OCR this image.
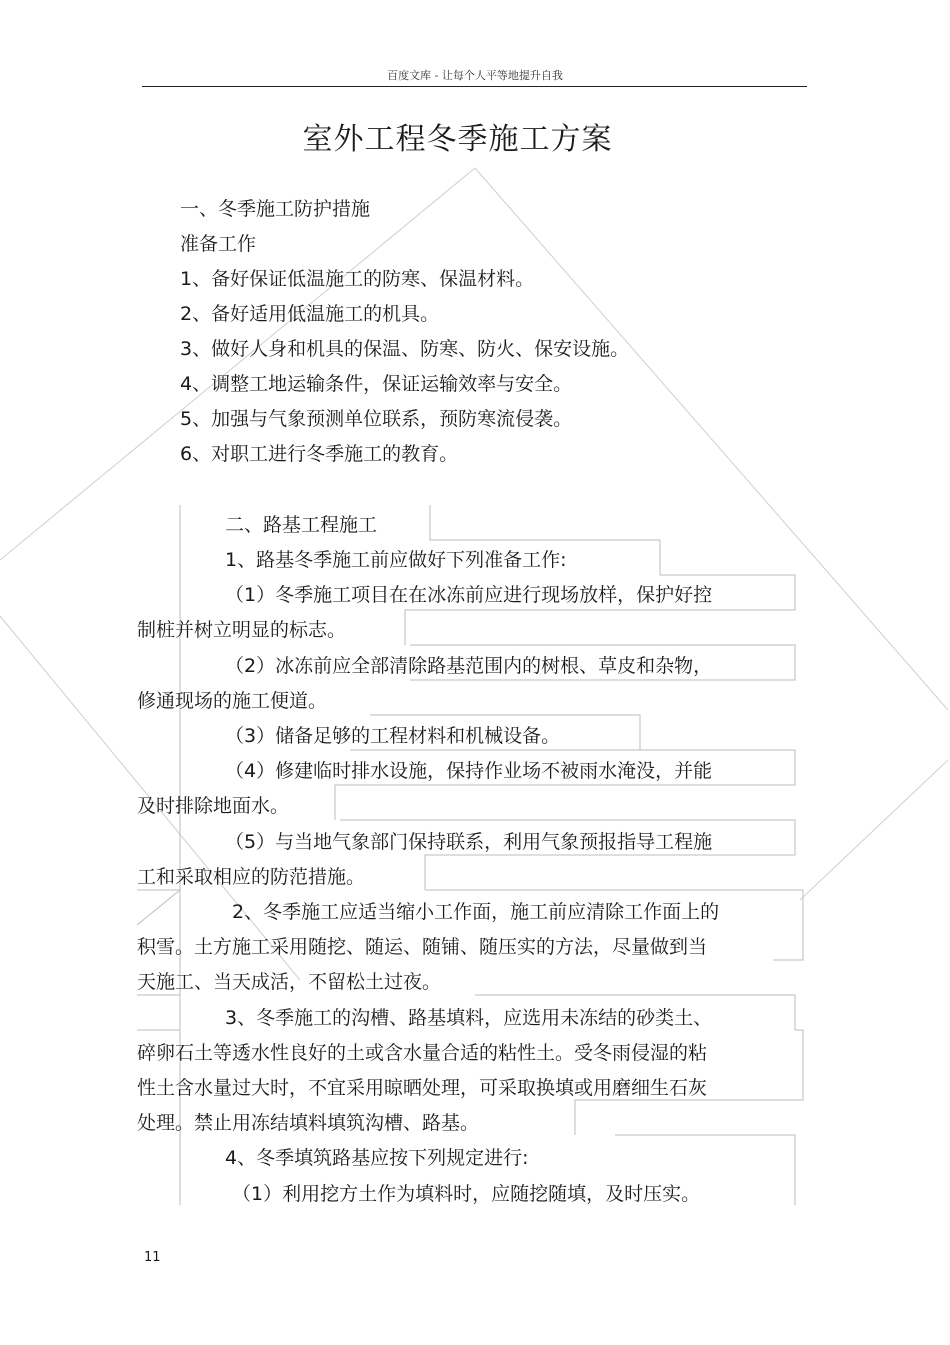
百度文库 - 让每个人平等地提升自我
室外工程冬季施工方案
一、冬季施工防护措施
准备工作
1、备好保证低温施工的防寒、保温材料。
2、备好适用低温施工的机具。
3、做好人身和机具的保温、防寒、防火、保安设施。
4、调整工地运输条件，保证运输效率与安全。
5、加强与气象预测单位联系，预防寒流侵袭。
6、对职工进行冬季施工的教育。
二、路基工程施工
1、路基冬季施工前应做好下列准备工作:
（1）冬季施工项目在在冰冻前应进行现场放样，保护好控
制桩并树立明显的标志。
（2）冰冻前应全部清除路基范围内的树根、草皮和杂物，
修通现场的施工便道。
（3）储备足够的工程材料和机械设备。
（4）修建临时排水设施，保持作业场不被雨水淹没，并能
及时排除地面水。
（5）与当地气象部门保持联系，利用气象预报指导工程施
工和采取相应的防范措施。
2、冬季施工应适当缩小工作面，施工前应清除工作面上的
积雪。土方施工采用随挖、随运、随铺、随压实的方法，尽量做到当
天施工、当天成活，不留松土过夜。
3、冬季施工的沟槽、路基填料，应选用未冻结的砂类土、
碎卵石土等透水性良好的土或含水量合适的粘性土。受冬雨侵湿的粘
性土含水量过大时，不宜采用晾晒处理，可采取换填或用磨细生石灰
处理。禁止用冻结填料填筑沟槽、路基。
4、冬季填筑路基应按下列规定进行:
（1）利用挖方土作为填料时，应随挖随填，及时压实。
11
